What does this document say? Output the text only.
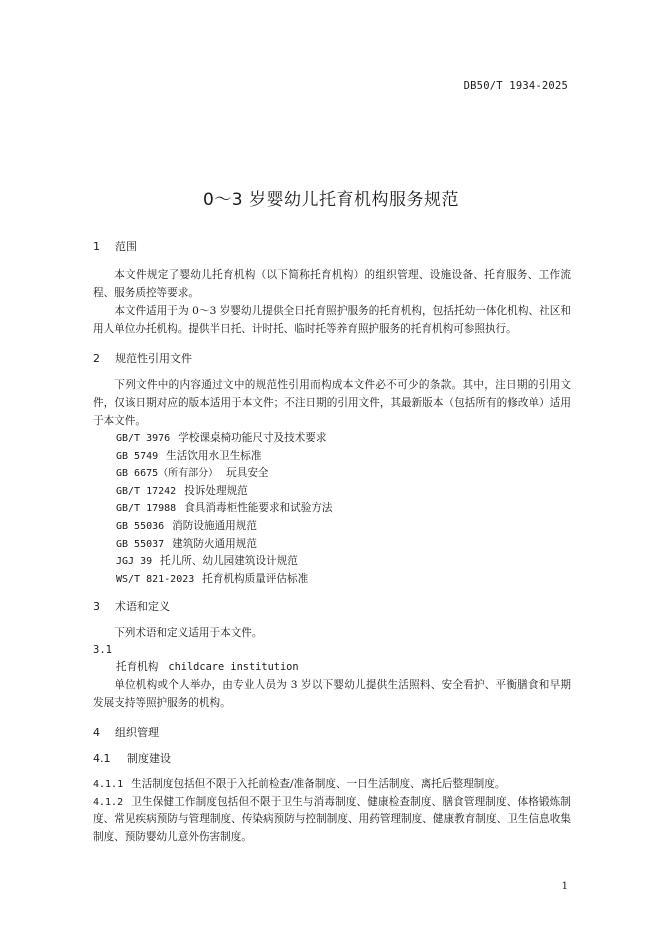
DB50/T 1934-2025
0～3 岁婴幼儿托育机构服务规范
1 范围

本文件规定了婴幼儿托育机构（以下简称托育机构）的组织管理、设施设备、托育服务、工作流程、服务质控等要求。

本文件适用于为 0～3 岁婴幼儿提供全日托育照护服务的托育机构，包括托幼一体化机构、社区和用人单位办托机构。提供半日托、计时托、临时托等养育照护服务的托育机构可参照执行。

2 规范性引用文件

下列文件中的内容通过文中的规范性引用而构成本文件必不可少的条款。其中，注日期的引用文件，仅该日期对应的版本适用于本文件；不注日期的引用文件，其最新版本（包括所有的修改单）适用于本文件。

GB/T 3976 学校课桌椅功能尺寸及技术要求

GB 5749 生活饮用水卫生标准

GB 6675（所有部分） 玩具安全

GB/T 17242 投诉处理规范

GB/T 17988 食具消毒柜性能要求和试验方法

GB 55036 消防设施通用规范

GB 55037 建筑防火通用规范

JGJ 39 托儿所、幼儿园建筑设计规范

WS/T 821-2023 托育机构质量评估标准

3 术语和定义

下列术语和定义适用于本文件。

3.1

托育机构 childcare institution

单位机构或个人举办，由专业人员为 3 岁以下婴幼儿提供生活照料、安全看护、平衡膳食和早期发展支持等照护服务的机构。

4 组织管理
4.1 制度建设

4.1.1 生活制度包括但不限于入托前检查/准备制度、一日生活制度、离托后整理制度。

4.1.2 卫生保健工作制度包括但不限于卫生与消毒制度、健康检查制度、膳食管理制度、体格锻炼制度、常见疾病预防与管理制度、传染病预防与控制制度、用药管理制度、健康教育制度、卫生信息收集制度、预防婴幼儿意外伤害制度。

1
